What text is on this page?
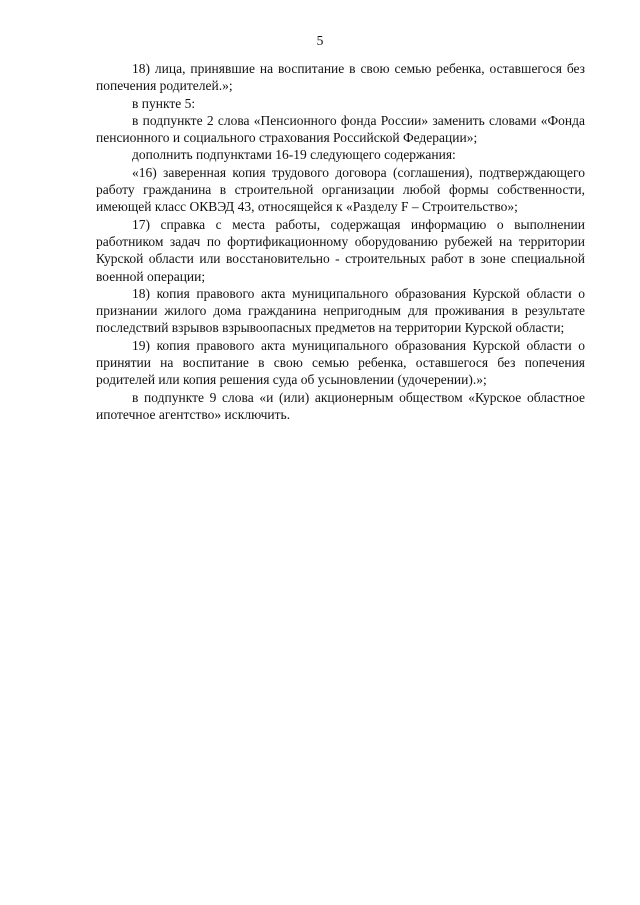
5

18) лица, принявшие на воспитание в свою семью ребенка, оставшегося без попечения родителей.»;

в пункте 5:

в подпункте 2 слова «Пенсионного фонда России» заменить словами «Фонда пенсионного и социального страхования Российской Федерации»;

дополнить подпунктами 16-19 следующего содержания:

«16) заверенная копия трудового договора (соглашения), подтверждающего работу гражданина в строительной организации любой формы собственности, имеющей класс ОКВЭД 43, относящейся к «Разделу F – Строительство»;

17) справка с места работы, содержащая информацию о выполнении работником задач по фортификационному оборудованию рубежей на территории Курской области или восстановительно - строительных работ в зоне специальной военной операции;

18) копия правового акта муниципального образования Курской области о признании жилого дома гражданина непригодным для проживания в результате последствий взрывов взрывоопасных предметов на территории Курской области;

19) копия правового акта муниципального образования Курской области о принятии на воспитание в свою семью ребенка, оставшегося без попечения родителей или копия решения суда об усыновлении (удочерении).»;

в подпункте 9 слова «и (или) акционерным обществом «Курское областное ипотечное агентство» исключить.
